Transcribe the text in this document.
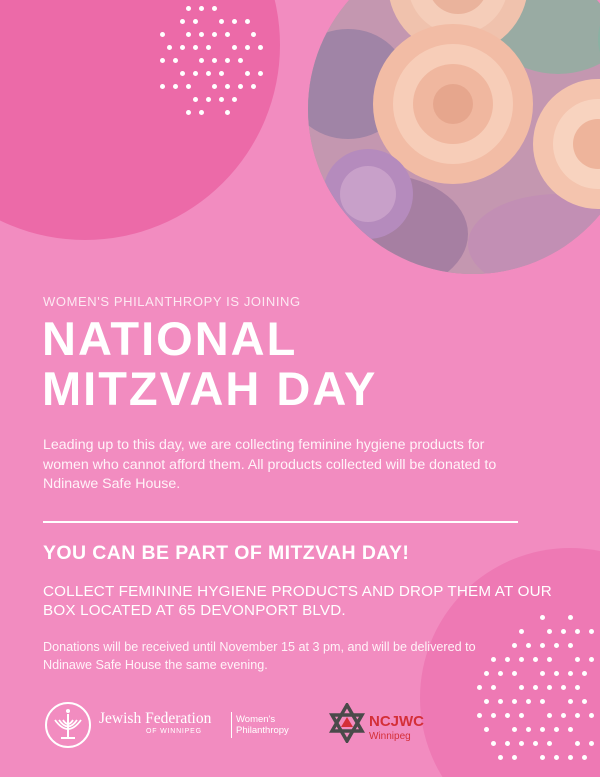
WOMEN'S PHILANTHROPY IS JOINING
NATIONAL
MITZVAH DAY

Leading up to this day, we are collecting feminine hygiene products for women who cannot afford them. All products collected will be donated to Ndinawe Safe House.

YOU CAN BE PART OF MITZVAH DAY!

COLLECT FEMININE HYGIENE PRODUCTS AND DROP THEM AT OUR BOX LOCATED AT 65 DEVONPORT BLVD.

Donations will be received until November 15 at 3 pm, and will be delivered to Ndinawe Safe House the same evening.

Jewish Federation
OF WINNIPEG
Women's
Philanthropy
NCJWC
Winnipeg
